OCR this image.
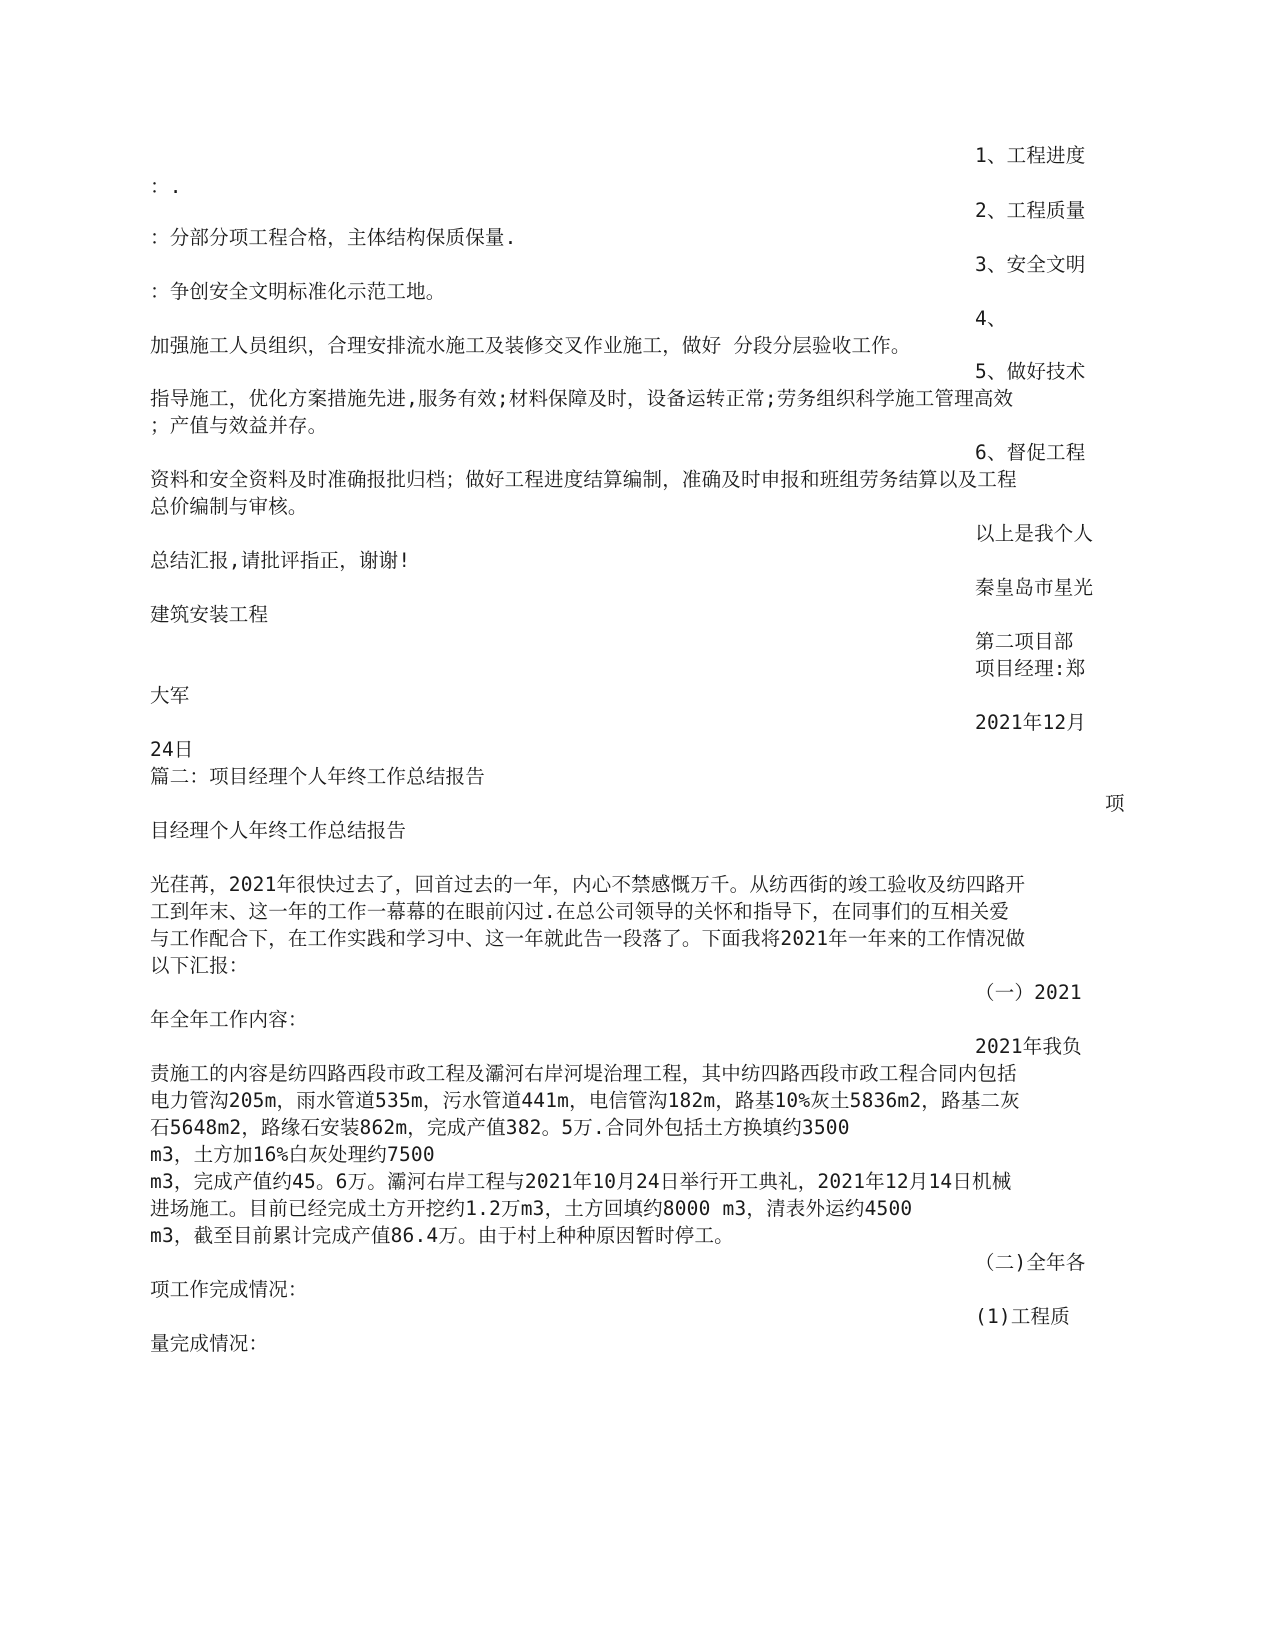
1、工程进度
：.
2、工程质量
：分部分项工程合格，主体结构保质保量.
3、安全文明
：争创安全文明标准化示范工地。
4、
加强施工人员组织，合理安排流水施工及装修交叉作业施工，做好 分段分层验收工作。
5、做好技术
指导施工，优化方案措施先进,服务有效;材料保障及时，设备运转正常;劳务组织科学施工管理高效
；产值与效益并存。
6、督促工程
资料和安全资料及时准确报批归档；做好工程进度结算编制，准确及时申报和班组劳务结算以及工程
总价编制与审核。
以上是我个人
总结汇报,请批评指正，谢谢!
秦皇岛市星光
建筑安装工程
第二项目部
项目经理:郑
大军
2021年12月
24日
篇二：项目经理个人年终工作总结报告
项
目经理个人年终工作总结报告
光荏苒，2021年很快过去了，回首过去的一年，内心不禁感慨万千。从纺西街的竣工验收及纺四路开
工到年末、这一年的工作一幕幕的在眼前闪过.在总公司领导的关怀和指导下，在同事们的互相关爱
与工作配合下，在工作实践和学习中、这一年就此告一段落了。下面我将2021年一年来的工作情况做
以下汇报：
（一）2021
年全年工作内容：
2021年我负
责施工的内容是纺四路西段市政工程及灞河右岸河堤治理工程，其中纺四路西段市政工程合同内包括
电力管沟205m，雨水管道535m，污水管道441m，电信管沟182m，路基10%灰土5836m2，路基二灰
石5648m2，路缘石安装862m，完成产值382。5万.合同外包括土方换填约3500
m3，土方加16%白灰处理约7500
m3，完成产值约45。6万。灞河右岸工程与2021年10月24日举行开工典礼，2021年12月14日机械
进场施工。目前已经完成土方开挖约1.2万m3，土方回填约8000 m3，清表外运约4500
m3，截至目前累计完成产值86.4万。由于村上种种原因暂时停工。
（二)全年各
项工作完成情况：
(1)工程质
量完成情况：
